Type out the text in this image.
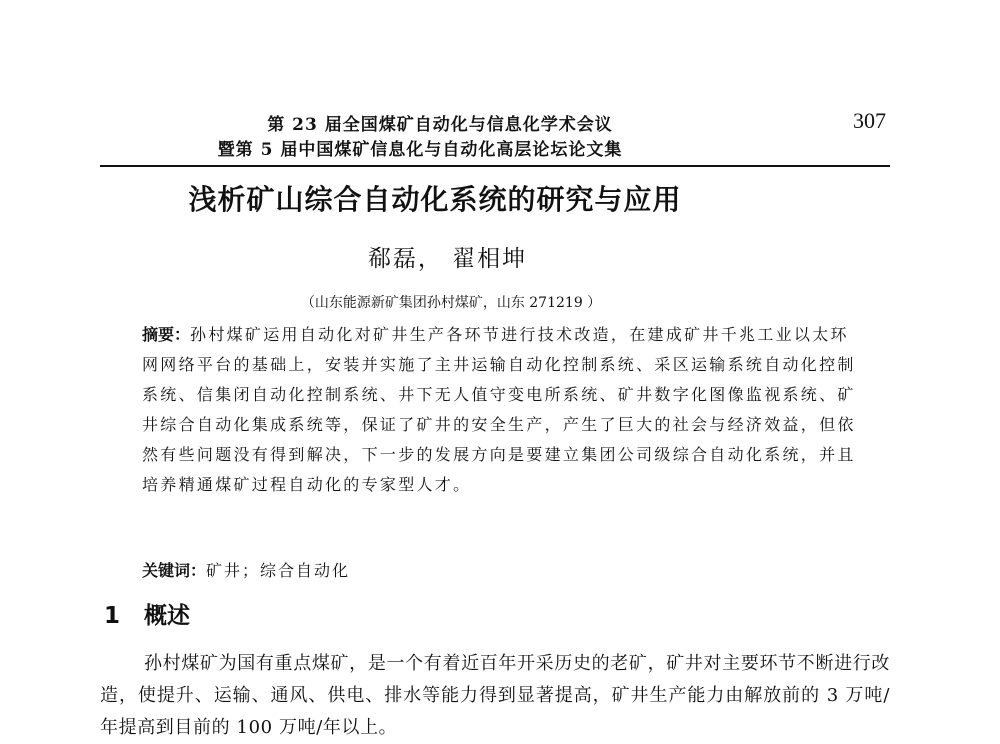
第 23 届全国煤矿自动化与信息化学术会议
暨第 5 届中国煤矿信息化与自动化高层论坛论文集
307
浅析矿山综合自动化系统的研究与应用
郗磊， 翟相坤
（山东能源新矿集团孙村煤矿，山东 271219 ）
摘要：孙村煤矿运用自动化对矿井生产各环节进行技术改造，在建成矿井千兆工业以太环网网络平台的基础上，安装并实施了主井运输自动化控制系统、采区运输系统自动化控制系统、信集闭自动化控制系统、井下无人值守变电所系统、矿井数字化图像监视系统、矿井综合自动化集成系统等，保证了矿井的安全生产，产生了巨大的社会与经济效益，但依然有些问题没有得到解决，下一步的发展方向是要建立集团公司级综合自动化系统，并且培养精通煤矿过程自动化的专家型人才。
关键词：矿井；综合自动化
1 概述

孙村煤矿为国有重点煤矿，是一个有着近百年开采历史的老矿，矿井对主要环节不断进行改造，使提升、运输、通风、供电、排水等能力得到显著提高，矿井生产能力由解放前的 3 万吨/年提高到目前的 100 万吨/年以上。
